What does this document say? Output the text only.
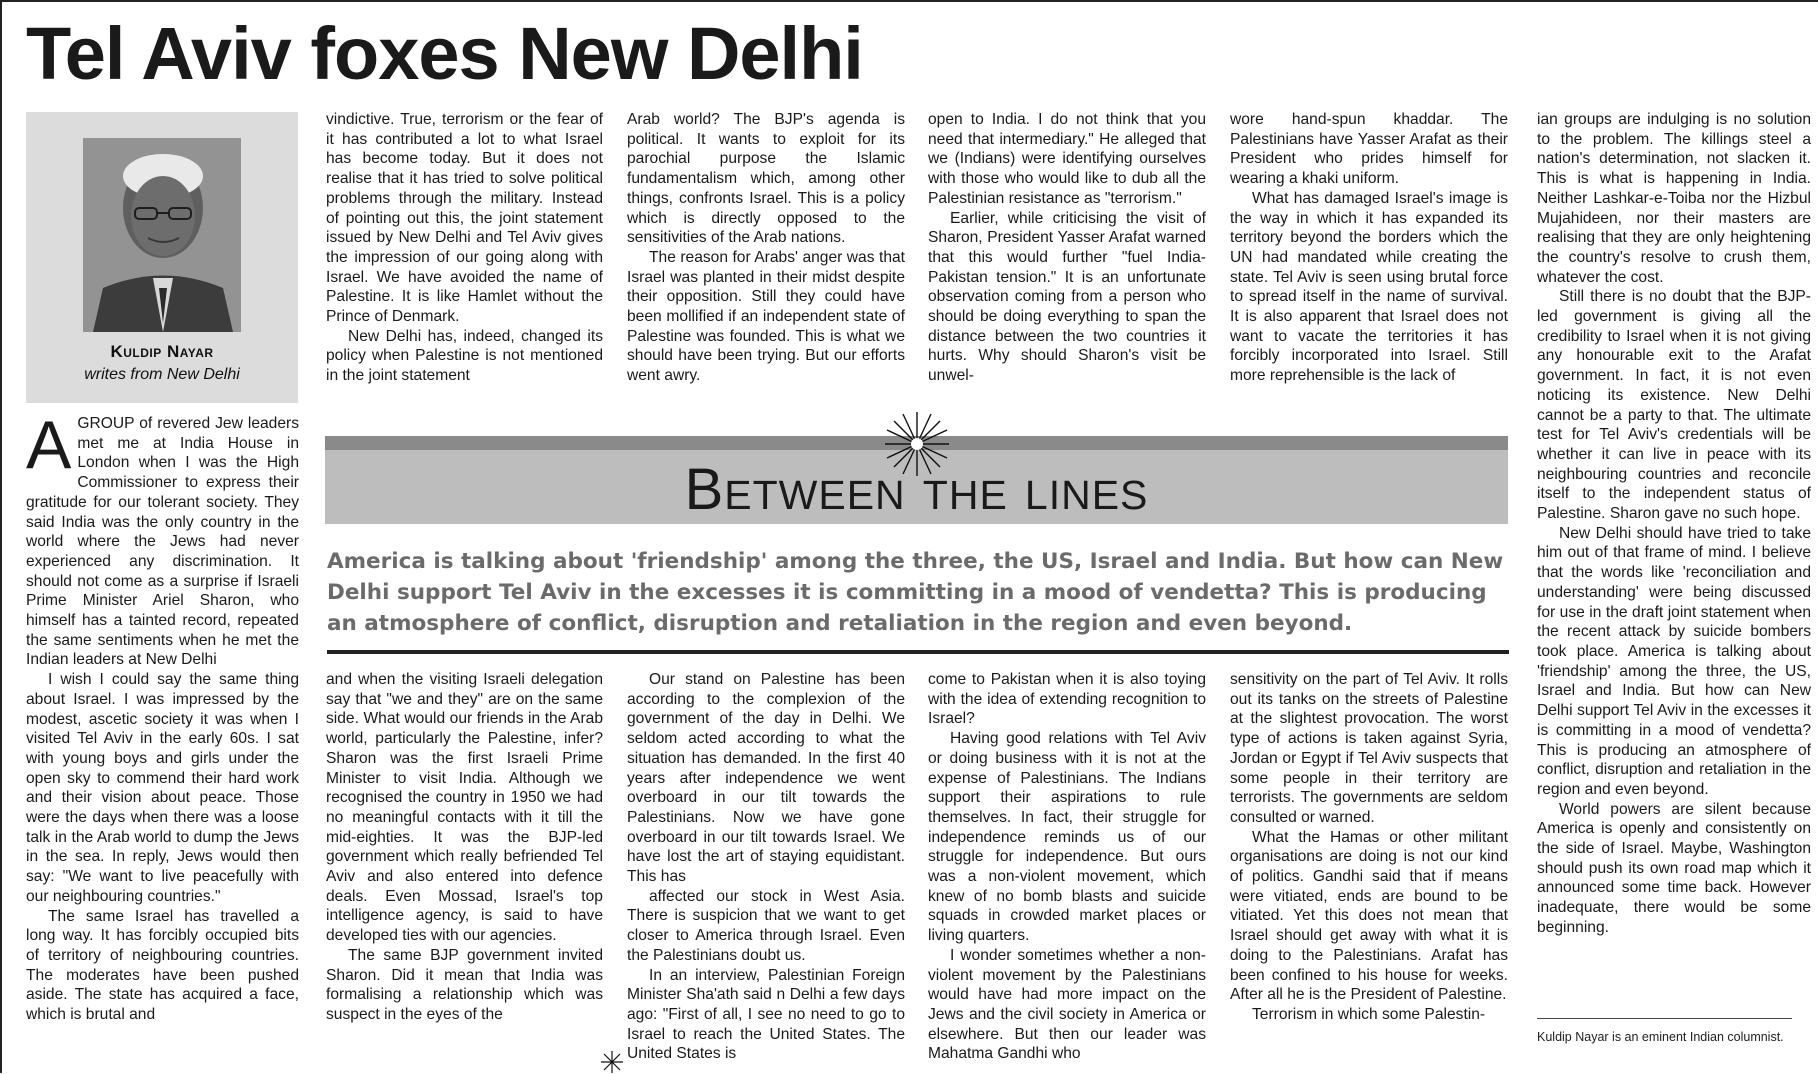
Tel Aviv foxes New Delhi
Kuldip Nayar
writes from New Delhi

AGROUP of revered Jew leaders met me at India House in London when I was the High Commissioner to express their gratitude for our tolerant society. They said India was the only country in the world where the Jews had never experienced any discrimination. It should not come as a surprise if Israeli Prime Minister Ariel Sharon, who himself has a tainted record, repeated the same sentiments when he met the Indian leaders at New Delhi

I wish I could say the same thing about Israel. I was impressed by the modest, ascetic society it was when I visited Tel Aviv in the early 60s. I sat with young boys and girls under the open sky to commend their hard work and their vision about peace. Those were the days when there was a loose talk in the Arab world to dump the Jews in the sea. In reply, Jews would then say: "We want to live peacefully with our neighbouring countries."

The same Israel has travelled a long way. It has forcibly occupied bits of territory of neighbouring countries. The moderates have been pushed aside. The state has acquired a face, which is brutal and

vindictive. True, terrorism or the fear of it has contributed a lot to what Israel has become today. But it does not realise that it has tried to solve political problems through the military. Instead of pointing out this, the joint statement issued by New Delhi and Tel Aviv gives the impression of our going along with Israel. We have avoided the name of Palestine. It is like Hamlet without the Prince of Denmark.

New Delhi has, indeed, changed its policy when Palestine is not mentioned in the joint statement

Arab world? The BJP's agenda is political. It wants to exploit for its parochial purpose the Islamic fundamentalism which, among other things, confronts Israel. This is a policy which is directly opposed to the sensitivities of the Arab nations.

The reason for Arabs' anger was that Israel was planted in their midst despite their opposition. Still they could have been mollified if an independent state of Palestine was founded. This is what we should have been trying. But our efforts went awry.

open to India. I do not think that you need that intermediary." He alleged that we (Indians) were identifying ourselves with those who would like to dub all the Palestinian resistance as "terrorism."

Earlier, while criticising the visit of Sharon, President Yasser Arafat warned that this would further "fuel India-Pakistan tension." It is an unfortunate observation coming from a person who should be doing everything to span the distance between the two countries it hurts. Why should Sharon's visit be unwel-

wore hand-spun khaddar. The Palestinians have Yasser Arafat as their President who prides himself for wearing a khaki uniform.

What has damaged Israel's image is the way in which it has expanded its territory beyond the borders which the UN had mandated while creating the state. Tel Aviv is seen using brutal force to spread itself in the name of survival. It is also apparent that Israel does not want to vacate the territories it has forcibly incorporated into Israel. Still more reprehensible is the lack of

Between the lines
America is talking about 'friendship' among the three, the US, Israel and India. But how can New Delhi support Tel Aviv in the excesses it is committing in a mood of vendetta? This is producing an atmosphere of conflict, disruption and retaliation in the region and even beyond.

and when the visiting Israeli delegation say that "we and they" are on the same side. What would our friends in the Arab world, particularly the Palestine, infer? Sharon was the first Israeli Prime Minister to visit India. Although we recognised the country in 1950 we had no meaningful contacts with it till the mid-eighties. It was the BJP-led government which really befriended Tel Aviv and also entered into defence deals. Even Mossad, Israel's top intelligence agency, is said to have developed ties with our agencies.

The same BJP government invited Sharon. Did it mean that India was formalising a relationship which was suspect in the eyes of the

Our stand on Palestine has been according to the complexion of the government of the day in Delhi. We seldom acted according to what the situation has demanded. In the first 40 years after independence we went overboard in our tilt towards the Palestinians. Now we have gone overboard in our tilt towards Israel. We have lost the art of staying equidistant. This has

affected our stock in West Asia. There is suspicion that we want to get closer to America through Israel. Even the Palestinians doubt us.

In an interview, Palestinian Foreign Minister Sha'ath said n Delhi a few days ago: "First of all, I see no need to go to Israel to reach the United States. The United States is

come to Pakistan when it is also toying with the idea of extending recognition to Israel?

Having good relations with Tel Aviv or doing business with it is not at the expense of Palestinians. The Indians support their aspirations to rule themselves. In fact, their struggle for independence reminds us of our struggle for independence. But ours was a non-violent movement, which knew of no bomb blasts and suicide squads in crowded market places or living quarters.

I wonder sometimes whether a non-violent movement by the Palestinians would have had more impact on the Jews and the civil society in America or elsewhere. But then our leader was Mahatma Gandhi who

sensitivity on the part of Tel Aviv. It rolls out its tanks on the streets of Palestine at the slightest provocation. The worst type of actions is taken against Syria, Jordan or Egypt if Tel Aviv suspects that some people in their territory are terrorists. The governments are seldom consulted or warned.

What the Hamas or other militant organisations are doing is not our kind of politics. Gandhi said that if means were vitiated, ends are bound to be vitiated. Yet this does not mean that Israel should get away with what it is doing to the Palestinians. Arafat has been confined to his house for weeks. After all he is the President of Palestine.

Terrorism in which some Palestin-

ian groups are indulging is no solution to the problem. The killings steel a nation's determination, not slacken it. This is what is happening in India. Neither Lashkar-e-Toiba nor the Hizbul Mujahideen, nor their masters are realising that they are only heightening the country's resolve to crush them, whatever the cost.

Still there is no doubt that the BJP-led government is giving all the credibility to Israel when it is not giving any honourable exit to the Arafat government. In fact, it is not even noticing its existence. New Delhi cannot be a party to that. The ultimate test for Tel Aviv's credentials will be whether it can live in peace with its neighbouring countries and reconcile itself to the independent status of Palestine. Sharon gave no such hope.

New Delhi should have tried to take him out of that frame of mind. I believe that the words like 'reconciliation and understanding' were being discussed for use in the draft joint statement when the recent attack by suicide bombers took place. America is talking about 'friendship' among the three, the US, Israel and India. But how can New Delhi support Tel Aviv in the excesses it is committing in a mood of vendetta? This is producing an atmosphere of conflict, disruption and retaliation in the region and even beyond.

World powers are silent because America is openly and consistently on the side of Israel. Maybe, Washington should push its own road map which it announced some time back. However inadequate, there would be some beginning.

Kuldip Nayar is an eminent Indian columnist.
